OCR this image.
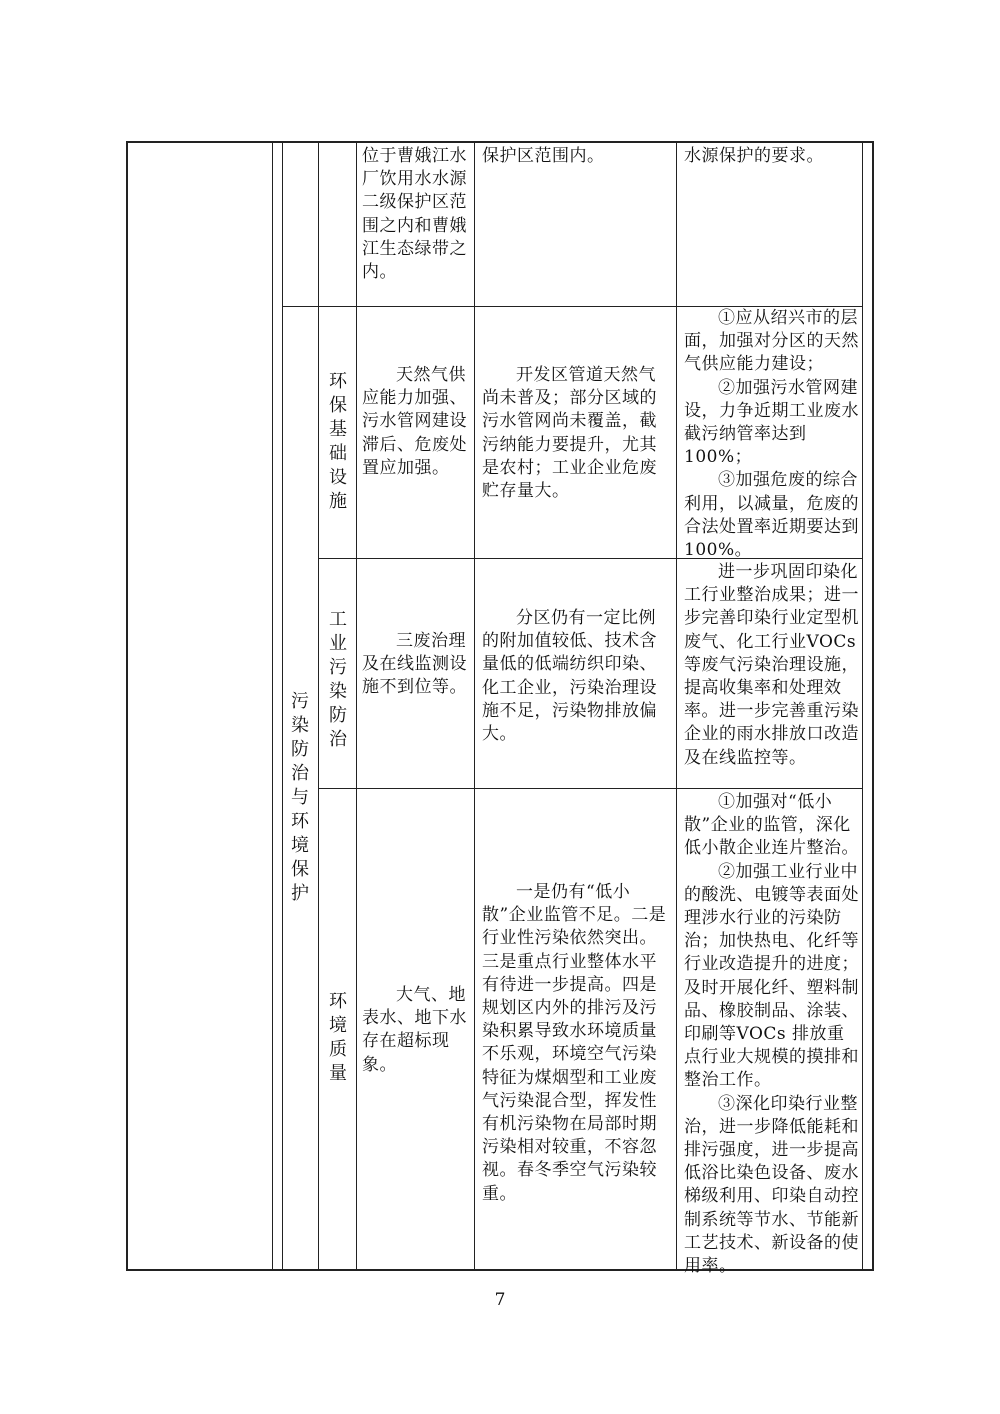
位于曹娥江水厂饮用水水源二级保护区范围之内和曹娥江生态绿带之内。

保护区范围内。	水源保护的要求。

污
染
防
治
与
环
境
保
护
环
保
基
础
设
施

天然气供应能力加强、污水管网建设滞后、危废处置应加强。

开发区管道天然气尚未普及；部分区域的污水管网尚未覆盖，截污纳能力要提升，尤其是农村；工业企业危废贮存量大。

①应从绍兴市的层面，加强对分区的天然气供应能力建设；

②加强污水管网建设，力争近期工业废水截污纳管率达到100%；

③加强危废的综合利用，以减量，危废的合法处置率近期要达到100%。

工
业
污
染
防
治

三废治理及在线监测设施不到位等。

分区仍有一定比例的附加值较低、技术含量低的低端纺织印染、化工企业，污染治理设施不足，污染物排放偏大。

进一步巩固印染化工行业整治成果；进一步完善印染行业定型机废气、化工行业VOCs 等废气污染治理设施，提高收集率和处理效率。进一步完善重污染企业的雨水排放口改造及在线监控等。

环
境
质
量

大气、地表水、地下水存在超标现象。

一是仍有“低小散”企业监管不足。二是行业性污染依然突出。三是重点行业整体水平有待进一步提高。四是规划区内外的排污及污染积累导致水环境质量不乐观，环境空气污染特征为煤烟型和工业废气污染混合型，挥发性有机污染物在局部时期污染相对较重，不容忽视。春冬季空气污染较重。

①加强对“低小散”企业的监管，深化低小散企业连片整治。

②加强工业行业中的酸洗、电镀等表面处理涉水行业的污染防治；加快热电、化纤等行业改造提升的进度；及时开展化纤、塑料制品、橡胶制品、涂装、印刷等VOCs 排放重点行业大规模的摸排和整治工作。

③深化印染行业整治，进一步降低能耗和排污强度，进一步提高低浴比染色设备、废水梯级利用、印染自动控制系统等节水、节能新工艺技术、新设备的使用率。

7
